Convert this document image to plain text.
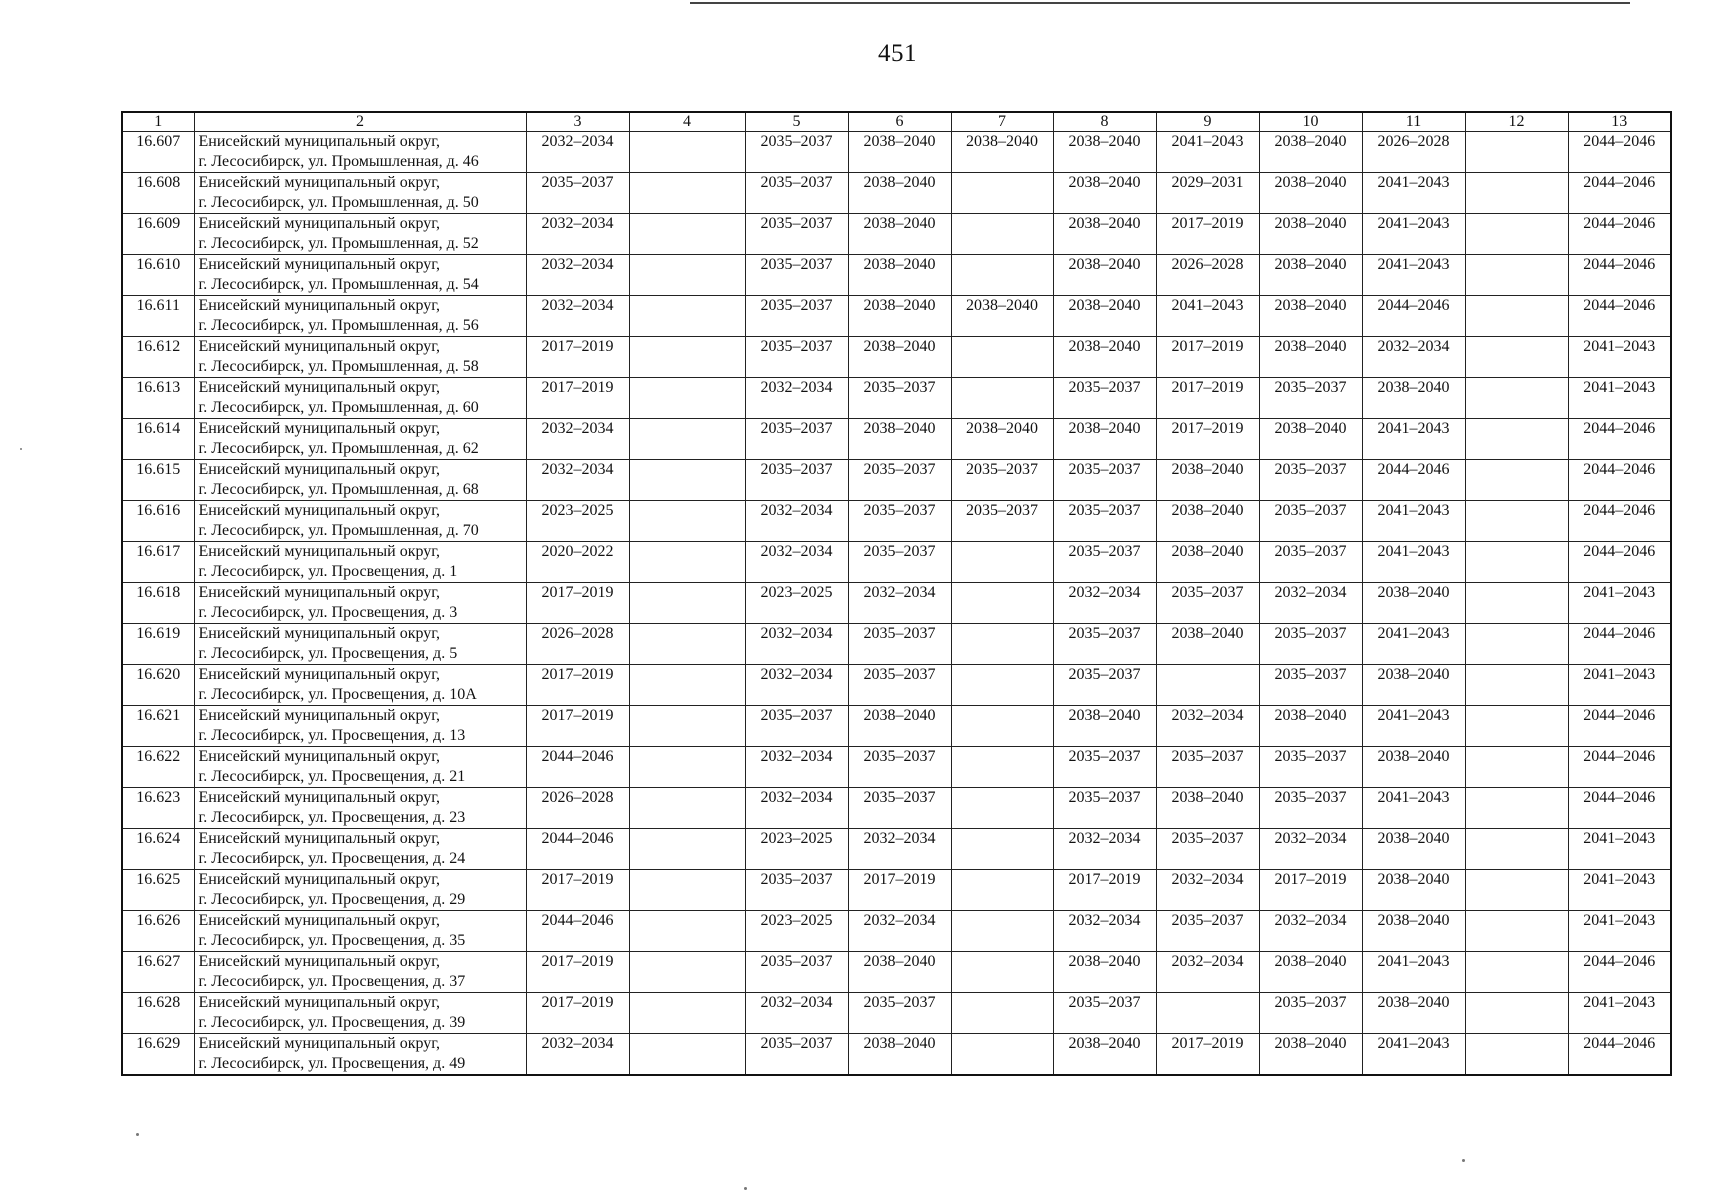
451
1	2	3	4	5	6	7	8	9	10	11	12	13
16.607	Енисейский муниципальный округ,
г. Лесосибирск, ул. Промышленная, д. 46	2032–2034		2035–2037	2038–2040	2038–2040	2038–2040	2041–2043	2038–2040	2026–2028		2044–2046
16.608	Енисейский муниципальный округ,
г. Лесосибирск, ул. Промышленная, д. 50	2035–2037		2035–2037	2038–2040		2038–2040	2029–2031	2038–2040	2041–2043		2044–2046
16.609	Енисейский муниципальный округ,
г. Лесосибирск, ул. Промышленная, д. 52	2032–2034		2035–2037	2038–2040		2038–2040	2017–2019	2038–2040	2041–2043		2044–2046
16.610	Енисейский муниципальный округ,
г. Лесосибирск, ул. Промышленная, д. 54	2032–2034		2035–2037	2038–2040		2038–2040	2026–2028	2038–2040	2041–2043		2044–2046
16.611	Енисейский муниципальный округ,
г. Лесосибирск, ул. Промышленная, д. 56	2032–2034		2035–2037	2038–2040	2038–2040	2038–2040	2041–2043	2038–2040	2044–2046		2044–2046
16.612	Енисейский муниципальный округ,
г. Лесосибирск, ул. Промышленная, д. 58	2017–2019		2035–2037	2038–2040		2038–2040	2017–2019	2038–2040	2032–2034		2041–2043
16.613	Енисейский муниципальный округ,
г. Лесосибирск, ул. Промышленная, д. 60	2017–2019		2032–2034	2035–2037		2035–2037	2017–2019	2035–2037	2038–2040		2041–2043
16.614	Енисейский муниципальный округ,
г. Лесосибирск, ул. Промышленная, д. 62	2032–2034		2035–2037	2038–2040	2038–2040	2038–2040	2017–2019	2038–2040	2041–2043		2044–2046
16.615	Енисейский муниципальный округ,
г. Лесосибирск, ул. Промышленная, д. 68	2032–2034		2035–2037	2035–2037	2035–2037	2035–2037	2038–2040	2035–2037	2044–2046		2044–2046
16.616	Енисейский муниципальный округ,
г. Лесосибирск, ул. Промышленная, д. 70	2023–2025		2032–2034	2035–2037	2035–2037	2035–2037	2038–2040	2035–2037	2041–2043		2044–2046
16.617	Енисейский муниципальный округ,
г. Лесосибирск, ул. Просвещения, д. 1	2020–2022		2032–2034	2035–2037		2035–2037	2038–2040	2035–2037	2041–2043		2044–2046
16.618	Енисейский муниципальный округ,
г. Лесосибирск, ул. Просвещения, д. 3	2017–2019		2023–2025	2032–2034		2032–2034	2035–2037	2032–2034	2038–2040		2041–2043
16.619	Енисейский муниципальный округ,
г. Лесосибирск, ул. Просвещения, д. 5	2026–2028		2032–2034	2035–2037		2035–2037	2038–2040	2035–2037	2041–2043		2044–2046
16.620	Енисейский муниципальный округ,
г. Лесосибирск, ул. Просвещения, д. 10А	2017–2019		2032–2034	2035–2037		2035–2037		2035–2037	2038–2040		2041–2043
16.621	Енисейский муниципальный округ,
г. Лесосибирск, ул. Просвещения, д. 13	2017–2019		2035–2037	2038–2040		2038–2040	2032–2034	2038–2040	2041–2043		2044–2046
16.622	Енисейский муниципальный округ,
г. Лесосибирск, ул. Просвещения, д. 21	2044–2046		2032–2034	2035–2037		2035–2037	2035–2037	2035–2037	2038–2040		2044–2046
16.623	Енисейский муниципальный округ,
г. Лесосибирск, ул. Просвещения, д. 23	2026–2028		2032–2034	2035–2037		2035–2037	2038–2040	2035–2037	2041–2043		2044–2046
16.624	Енисейский муниципальный округ,
г. Лесосибирск, ул. Просвещения, д. 24	2044–2046		2023–2025	2032–2034		2032–2034	2035–2037	2032–2034	2038–2040		2041–2043
16.625	Енисейский муниципальный округ,
г. Лесосибирск, ул. Просвещения, д. 29	2017–2019		2035–2037	2017–2019		2017–2019	2032–2034	2017–2019	2038–2040		2041–2043
16.626	Енисейский муниципальный округ,
г. Лесосибирск, ул. Просвещения, д. 35	2044–2046		2023–2025	2032–2034		2032–2034	2035–2037	2032–2034	2038–2040		2041–2043
16.627	Енисейский муниципальный округ,
г. Лесосибирск, ул. Просвещения, д. 37	2017–2019		2035–2037	2038–2040		2038–2040	2032–2034	2038–2040	2041–2043		2044–2046
16.628	Енисейский муниципальный округ,
г. Лесосибирск, ул. Просвещения, д. 39	2017–2019		2032–2034	2035–2037		2035–2037		2035–2037	2038–2040		2041–2043
16.629	Енисейский муниципальный округ,
г. Лесосибирск, ул. Просвещения, д. 49	2032–2034		2035–2037	2038–2040		2038–2040	2017–2019	2038–2040	2041–2043		2044–2046
